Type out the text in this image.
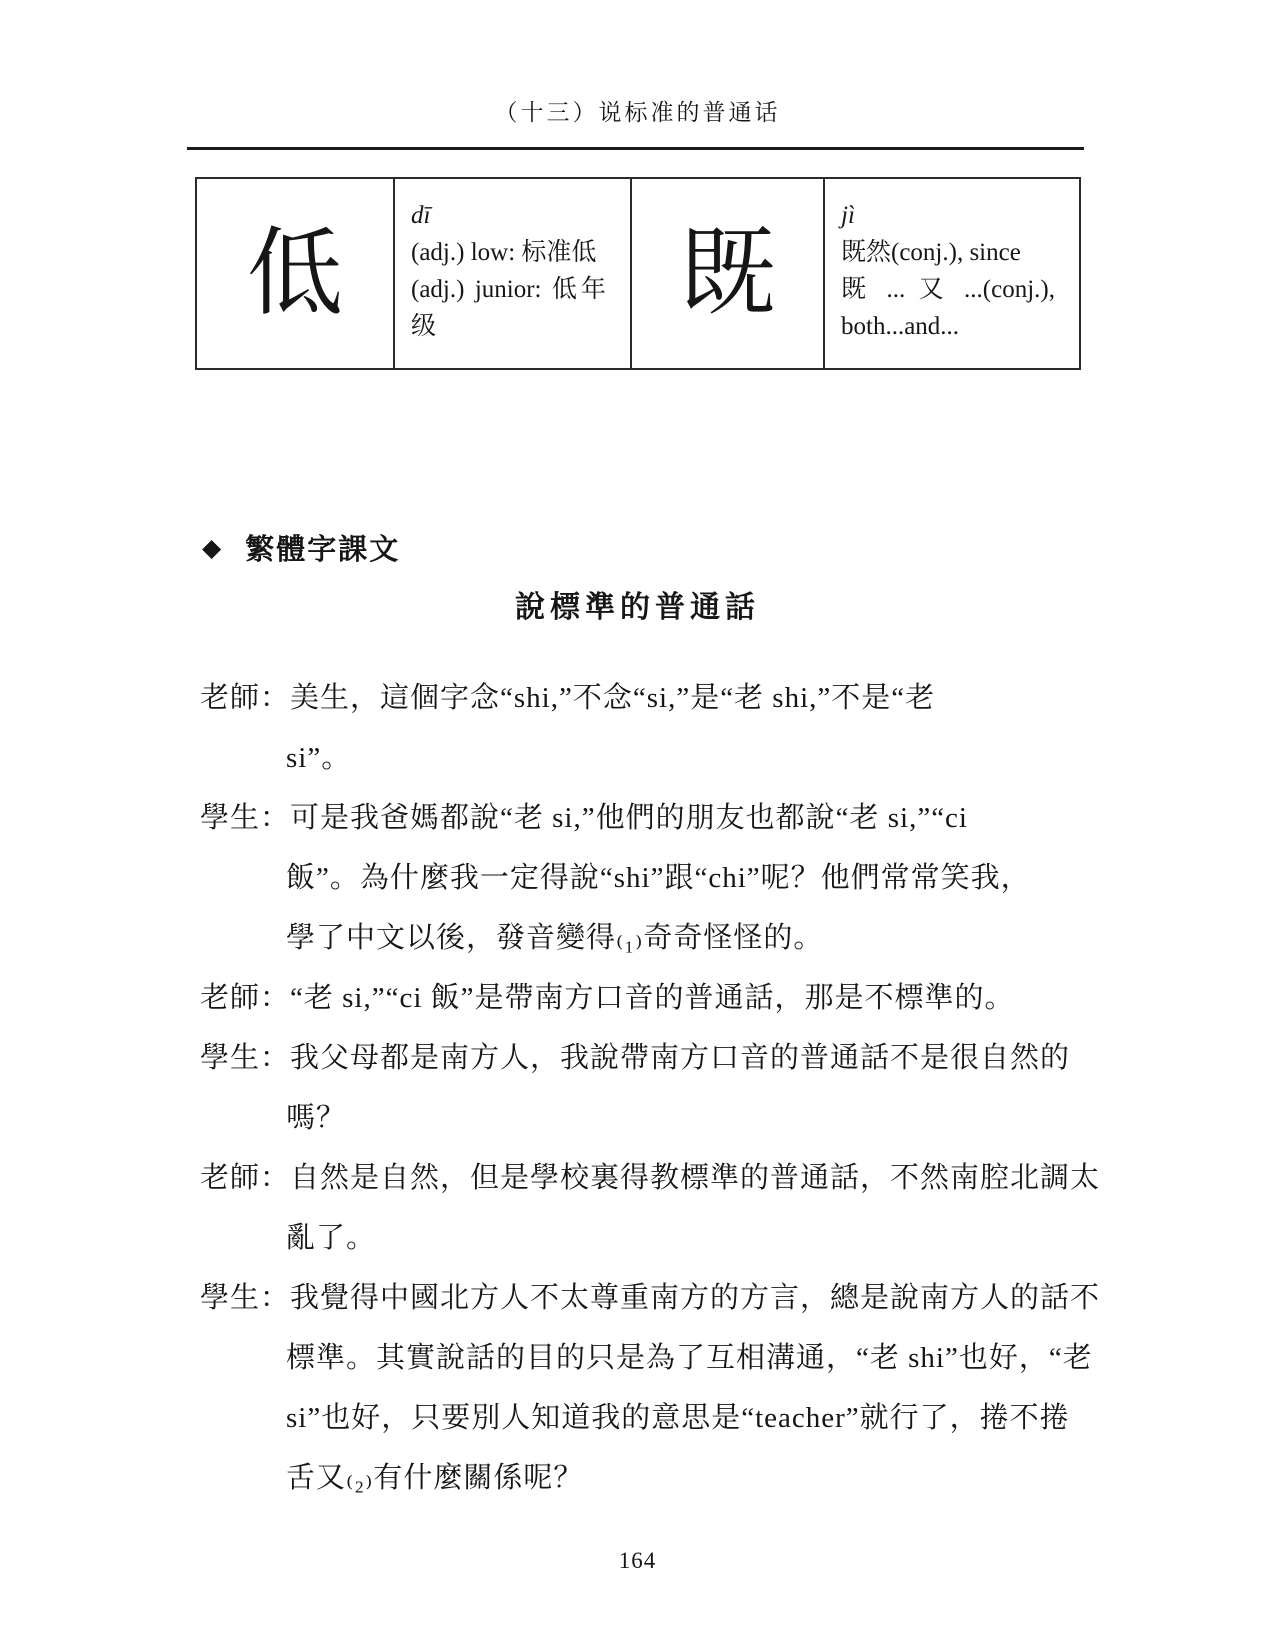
（十三）说标准的普通话
低
dī
(adj.) low: 标准低
(adj.) junior: 低年
级	既
jì
既然(conj.), since
既 ... 又 ...(conj.),
both...and...
◆ 繁體字課文
說標準的普通話
老師：美生，這個字念“shi,”不念“si,”是“老 shi,”不是“老
si”。
學生：可是我爸媽都說“老 si,”他們的朋友也都說“老 si,”“ci
飯”。為什麼我一定得說“shi”跟“chi”呢？他們常常笑我，
學了中文以後，發音變得₍₁₎奇奇怪怪的。
老師：“老 si,”“ci 飯”是帶南方口音的普通話，那是不標準的。
學生：我父母都是南方人，我說帶南方口音的普通話不是很自然的
嗎？
老師：自然是自然，但是學校裏得教標準的普通話，不然南腔北調太
亂了。
學生：我覺得中國北方人不太尊重南方的方言，總是說南方人的話不
標準。其實說話的目的只是為了互相溝通，“老 shi”也好，“老
si”也好，只要別人知道我的意思是“teacher”就行了，捲不捲
舌又₍₂₎有什麼關係呢？
164
